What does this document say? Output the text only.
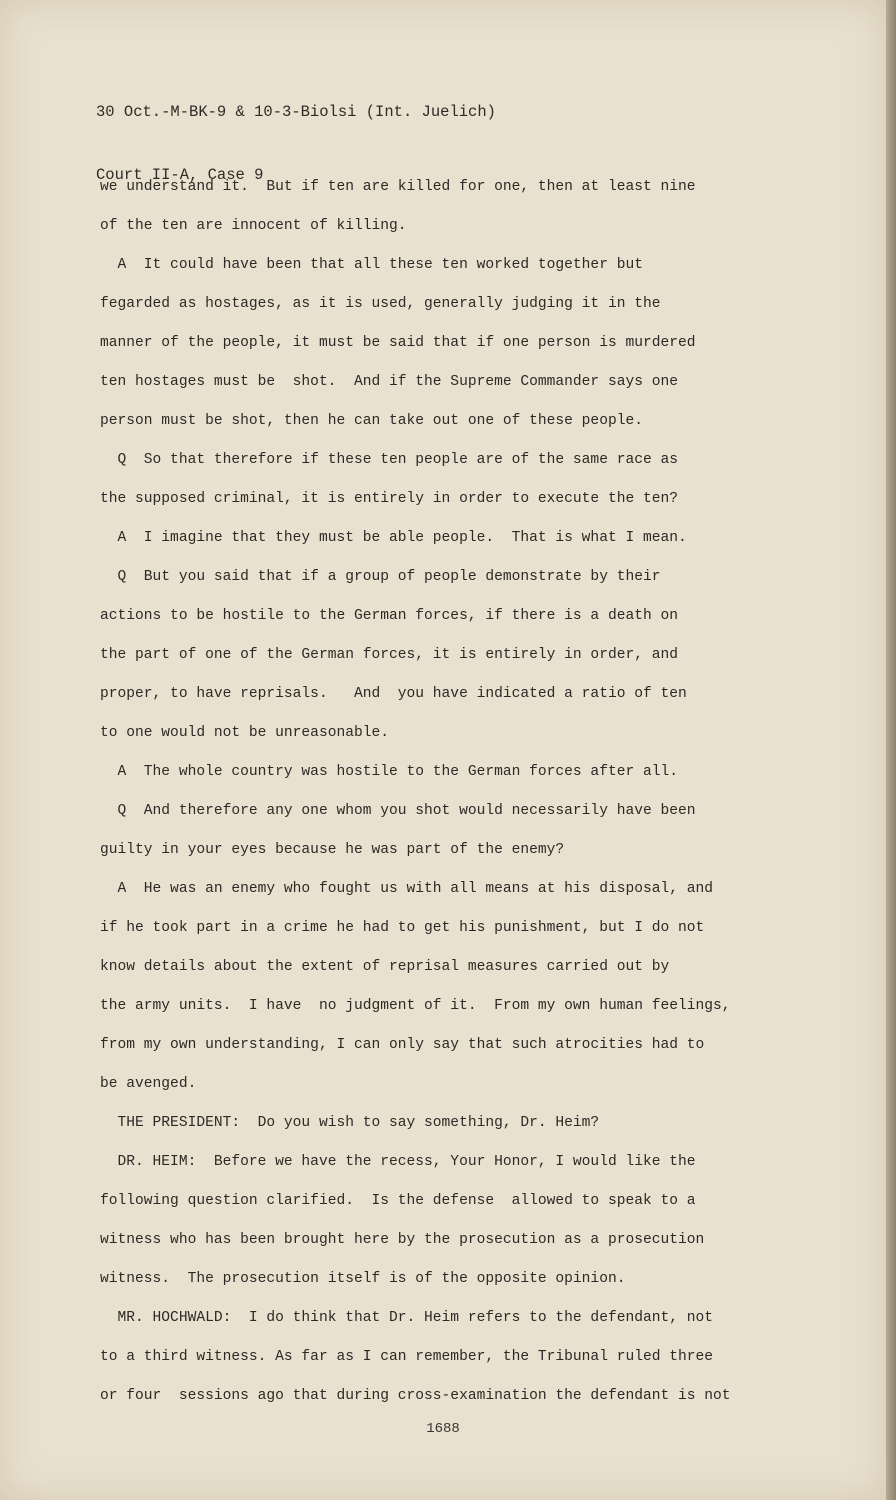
30 Oct.-M-BK-9 & 10-3-Biolsi (Int. Juelich)

Court II-A, Case 9

we understand it.  But if ten are killed for one, then at least nine
of the ten are innocent of killing.
A  It could have been that all these ten worked together but
fegarded as hostages, as it is used, generally judging it in the
manner of the people, it must be said that if one person is murdered
ten hostages must be  shot.  And if the Supreme Commander says one
person must be shot, then he can take out one of these people.
Q  So that therefore if these ten people are of the same race as
the supposed criminal, it is entirely in order to execute the ten?
A  I imagine that they must be able people.  That is what I mean.
Q  But you said that if a group of people demonstrate by their
actions to be hostile to the German forces, if there is a death on
the part of one of the German forces, it is entirely in order, and
proper, to have reprisals.   And  you have indicated a ratio of ten
to one would not be unreasonable.
A  The whole country was hostile to the German forces after all.
Q  And therefore any one whom you shot would necessarily have been
guilty in your eyes because he was part of the enemy?
A  He was an enemy who fought us with all means at his disposal, and
if he took part in a crime he had to get his punishment, but I do not
know details about the extent of reprisal measures carried out by
the army units.  I have  no judgment of it.  From my own human feelings,
from my own understanding, I can only say that such atrocities had to
be avenged.
THE PRESIDENT:  Do you wish to say something, Dr. Heim?
DR. HEIM:  Before we have the recess, Your Honor, I would like the
following question clarified.  Is the defense  allowed to speak to a
witness who has been brought here by the prosecution as a prosecution
witness.  The prosecution itself is of the opposite opinion.
MR. HOCHWALD:  I do think that Dr. Heim refers to the defendant, not
to a third witness. As far as I can remember, the Tribunal ruled three
or four  sessions ago that during cross-examination the defendant is not
1688
